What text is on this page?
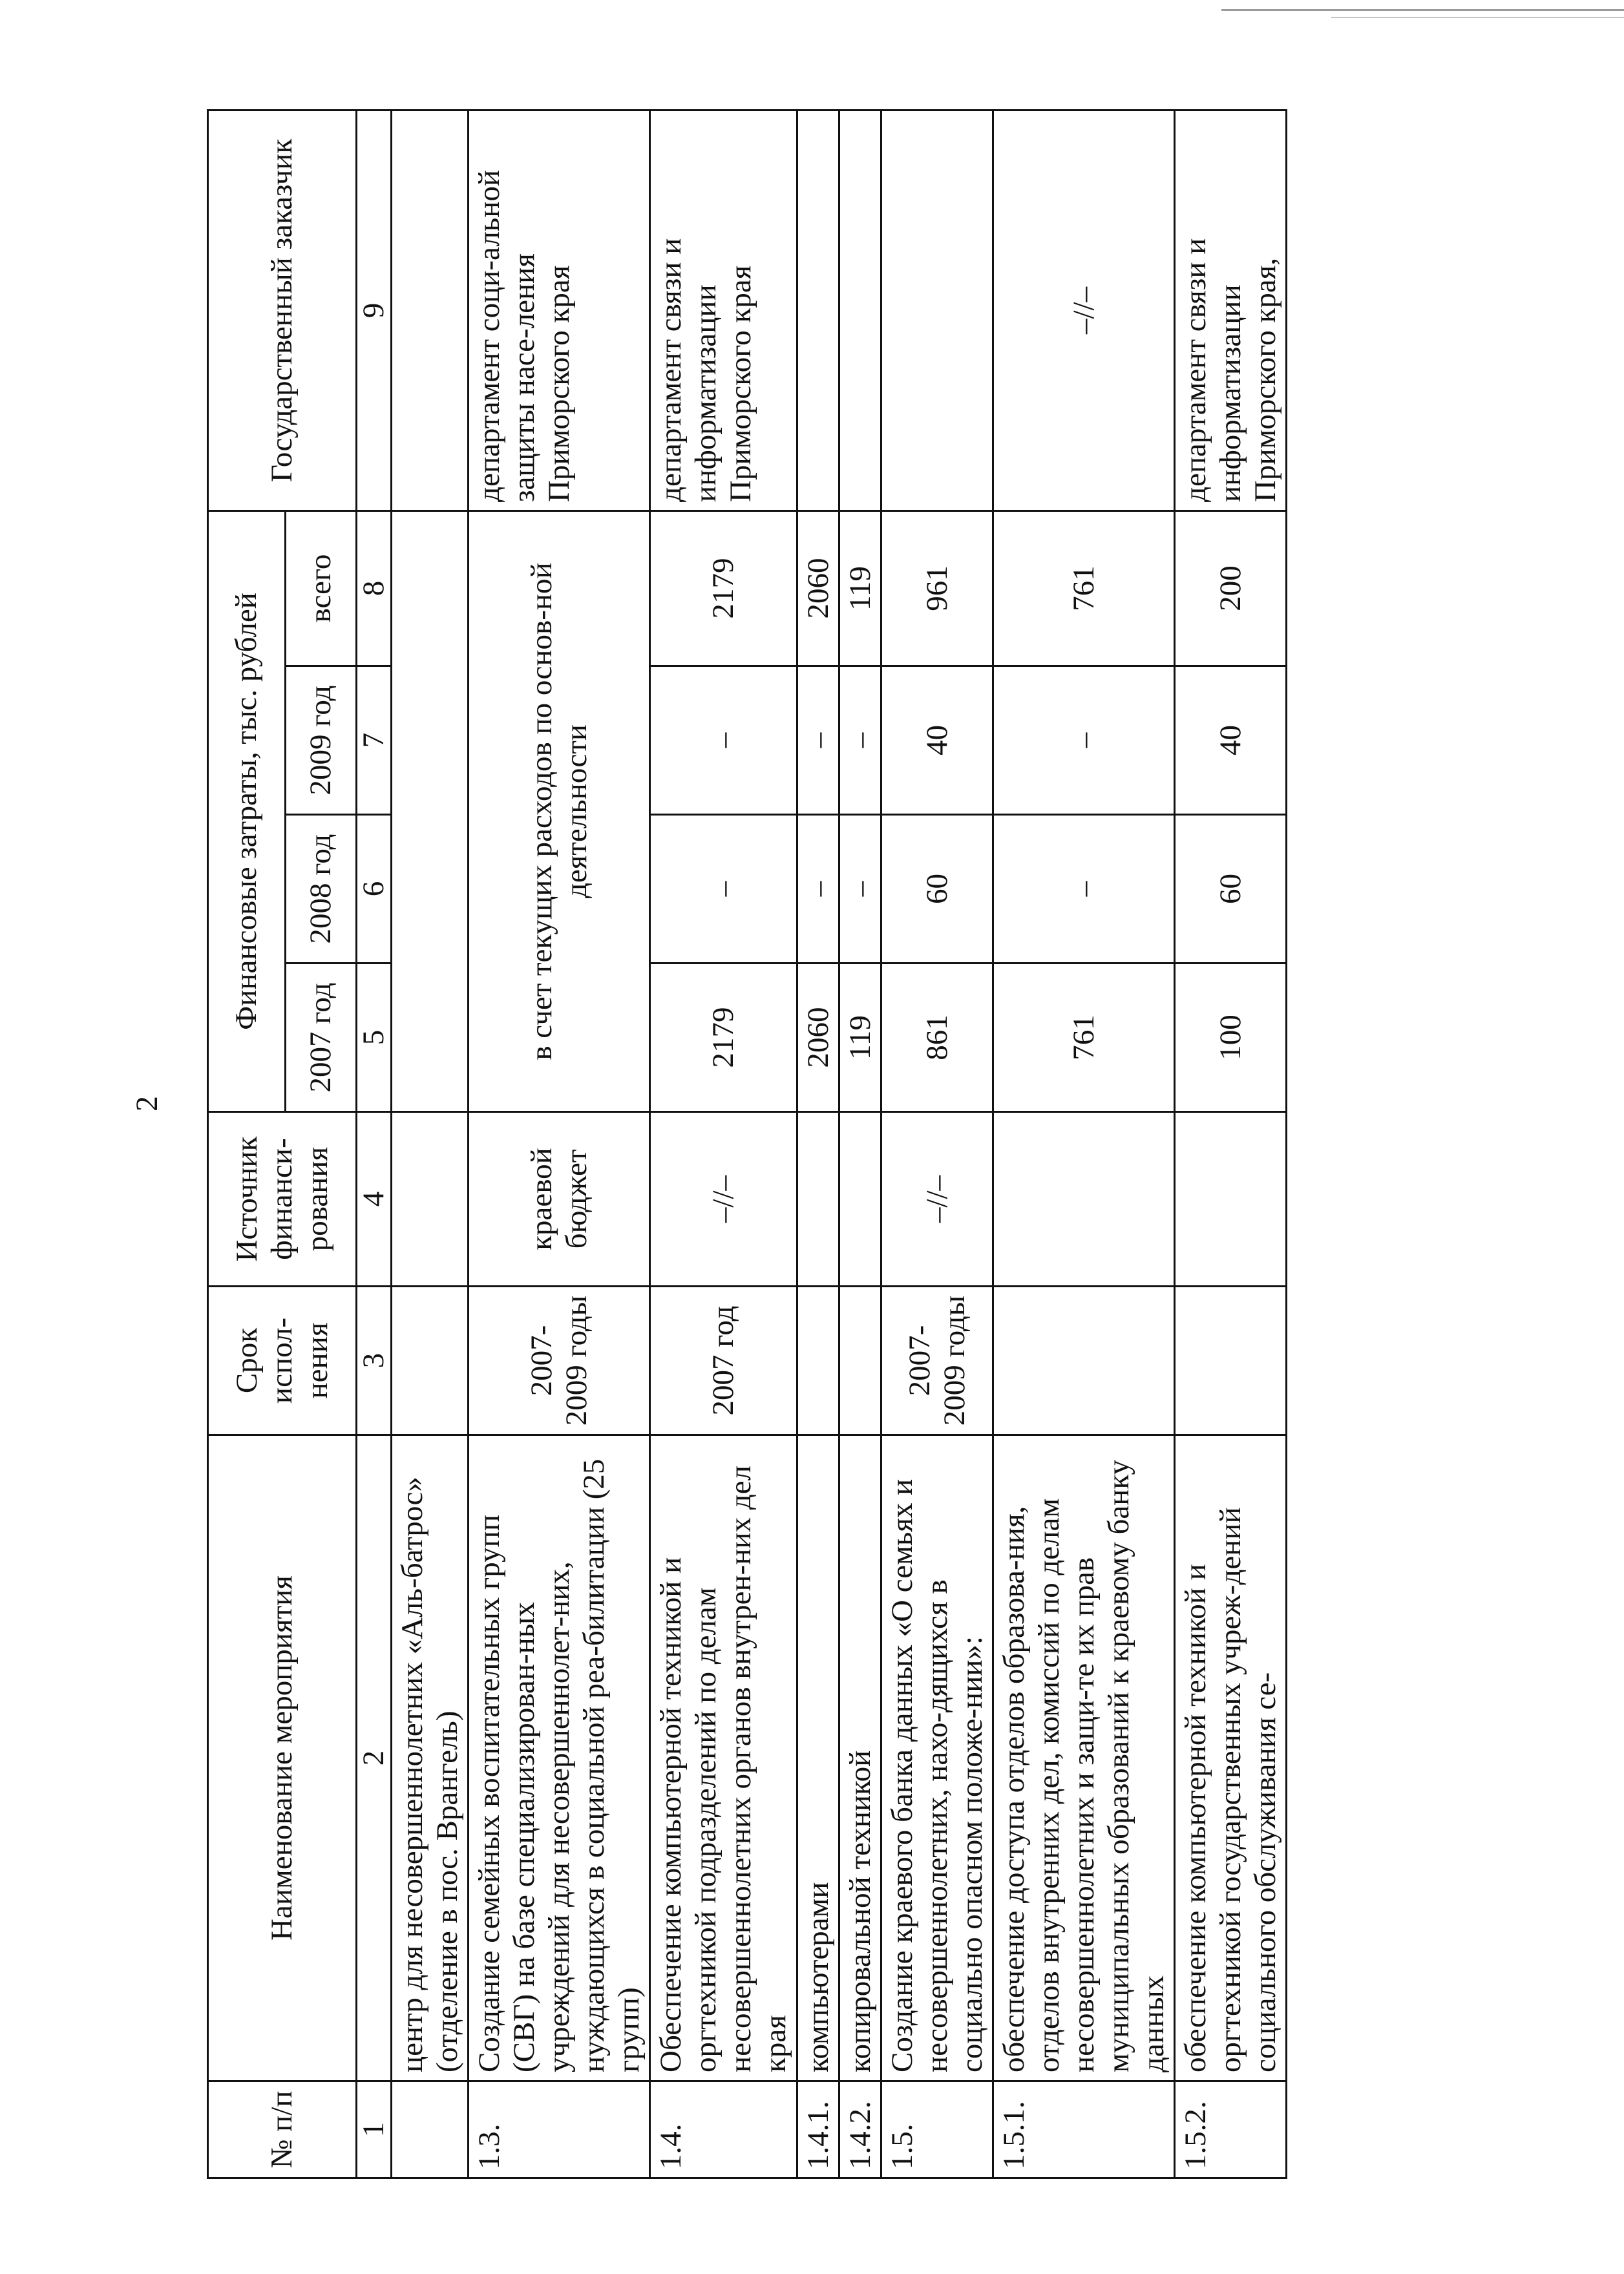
2
№ п/п	Наименование мероприятия	Срок испол-нения	Источник финанси-рования	Финансовые затраты, тыс. рублей				Государственный заказчик
				2007 год	2008 год	2009 год	всего	
1	2	3	4	5	6	7	8	9
	центр для несовершеннолетних «Аль-батрос» (отделение в пос. Врангель)							
1.3.	Создание семейных воспитательных групп (СВГ) на базе специализирован-ных учреждений для несовершеннолет-них, нуждающихся в социальной реа-билитации (25 групп)	2007-2009 годы	краевой бюджет	в счет текущих расходов по основ-ной деятельности				департамент соци-альной защиты насе-ления Приморского края
1.4.	Обеспечение компьютерной техникой и оргтехникой подразделений по делам несовершеннолетних органов внутрен-них дел края	2007 год	–//–	2179	–	–	2179	департамент связи и информатизации Приморского края
1.4.1.	компьютерами			2060	–	–	2060	
1.4.2.	копировальной техникой			119	–	–	119	
1.5.	Создание краевого банка данных «О семьях и несовершеннолетних, нахо-дящихся в социально опасном положе-нии»:	2007-2009 годы	–//–	861	60	40	961	
1.5.1.	обеспечение доступа отделов образова-ния, отделов внутренних дел, комиссий по делам несовершеннолетних и защи-те их прав муниципальных образований к краевому банку данных			761	–	–	761	–//–
1.5.2.	обеспечение компьютерной техникой и оргтехникой государственных учреж-дений социального обслуживания се-			100	60	40	200	департамент связи и информатизации Приморского края,
